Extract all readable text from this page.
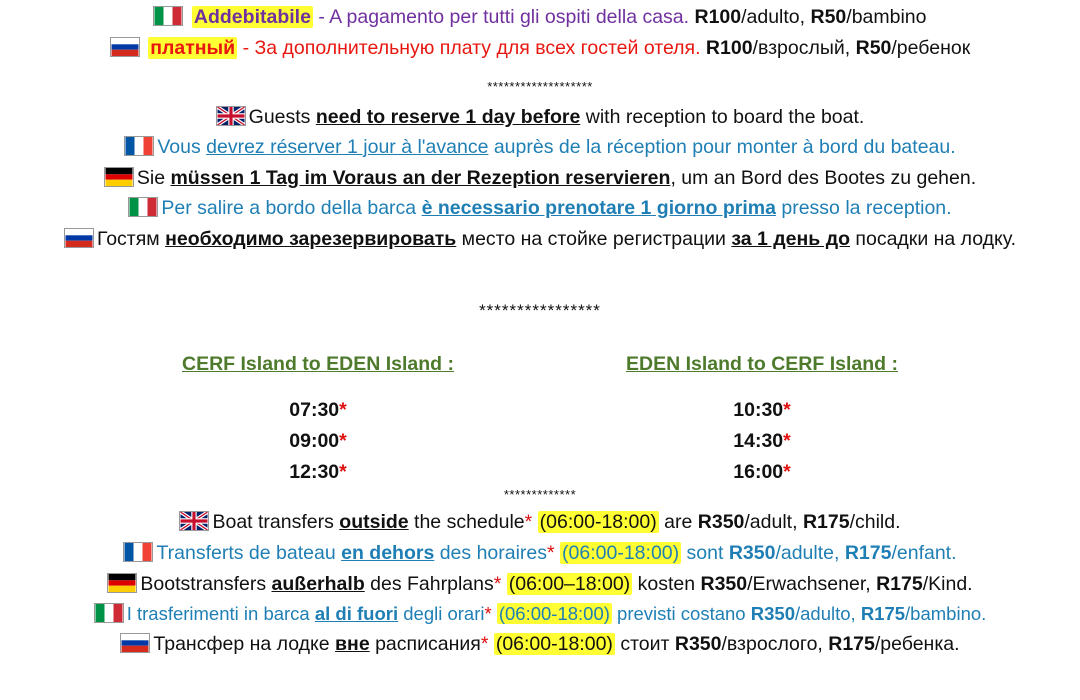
Addebitabile - A pagamento per tutti gli ospiti della casa. R100/adulto, R50/bambino
платный - За дополнительную плату для всех гостей отеля. R100/взрослый, R50/ребенок
*******************
Guests need to reserve 1 day before with reception to board the boat.
Vous devrez réserver 1 jour à l'avance auprès de la réception pour monter à bord du bateau.
Sie müssen 1 Tag im Voraus an der Rezeption reservieren, um an Bord des Bootes zu gehen.
Per salire a bordo della barca è necessario prenotare 1 giorno prima presso la reception.
Гостям необходимо зарезервировать место на стойке регистрации за 1 день до посадки на лодку.
****************
CERF Island to EDEN Island :
07:30*
09:00*
12:30*
EDEN Island to CERF Island :
10:30*
14:30*
16:00*
*************
Boat transfers outside the schedule* (06:00-18:00) are R350/adult, R175/child.
Transferts de bateau en dehors des horaires* (06:00-18:00) sont R350/adulte, R175/enfant.
Bootstransfers außerhalb des Fahrplans* (06:00–18:00) kosten R350/Erwachsener, R175/Kind.
I trasferimenti in barca al di fuori degli orari* (06:00-18:00) previsti costano R350/adulto, R175/bambino.
Трансфер на лодке вне расписания* (06:00-18:00) стоит R350/взрослого, R175/ребенка.
